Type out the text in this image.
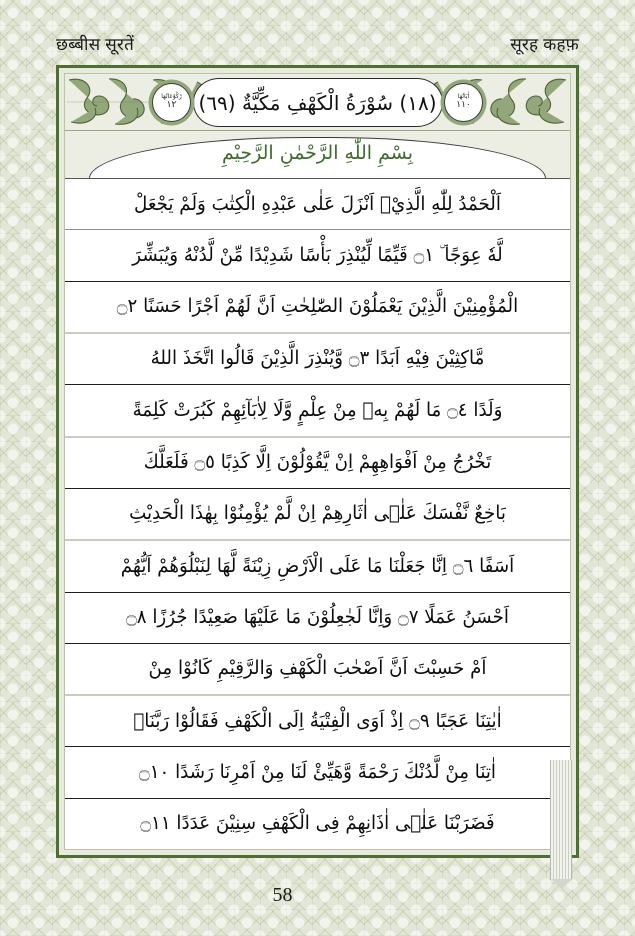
छब्बीस सूरतें	सूरह कहफ़
رُكُوْعَاتُهَا
١٢ (١٨) سُوْرَةُ الْكَهْفِ مَكِّيَّةٌ (٦٩)	اٰيَاتُهَا
١١٠
بِسْمِ اللّٰهِ الرَّحْمٰنِ الرَّحِيْمِ
اَلْحَمْدُ لِلّٰهِ الَّذِيْۤ اَنْزَلَ عَلٰى عَبْدِهِ الْكِتٰبَ وَلَمْ يَجْعَلْ
لَّهٗ عِوَجًا ۜ ۝١ قَيِّمًا لِّيُنْذِرَ بَأْسًا شَدِيْدًا مِّنْ لَّدُنْهُ وَيُبَشِّرَ
الْمُؤْمِنِيْنَ الَّذِيْنَ يَعْمَلُوْنَ الصّٰلِحٰتِ اَنَّ لَهُمْ اَجْرًا حَسَنًا ۝٢
مَّاكِثِيْنَ فِيْهِ اَبَدًا ۝٣ وَّيُنْذِرَ الَّذِيْنَ قَالُوا اتَّخَذَ اللهُ
وَلَدًا ۝٤ مَا لَهُمْ بِهٖ مِنْ عِلْمٍ وَّلَا لِاٰبَآئِهِمْ كَبُرَتْ كَلِمَةً
تَخْرُجُ مِنْ اَفْوَاهِهِمْ اِنْ يَّقُوْلُوْنَ اِلَّا كَذِبًا ۝٥ فَلَعَلَّكَ
بَاخِعٌ نَّفْسَكَ عَلٰۤى اٰثَارِهِمْ اِنْ لَّمْ يُؤْمِنُوْا بِهٰذَا الْحَدِيْثِ
اَسَفًا ۝٦ اِنَّا جَعَلْنَا مَا عَلَى الْاَرْضِ زِيْنَةً لَّهَا لِنَبْلُوَهُمْ اَيُّهُمْ
اَحْسَنُ عَمَلًا ۝٧ وَاِنَّا لَجٰعِلُوْنَ مَا عَلَيْهَا صَعِيْدًا جُرُزًا ۝٨
اَمْ حَسِبْتَ اَنَّ اَصْحٰبَ الْكَهْفِ وَالرَّقِيْمِ كَانُوْا مِنْ
اٰيٰتِنَا عَجَبًا ۝٩ اِذْ اَوَى الْفِتْيَةُ اِلَى الْكَهْفِ فَقَالُوْا رَبَّنَاۤ
اٰتِنَا مِنْ لَّدُنْكَ رَحْمَةً وَّهَيِّئْ لَنَا مِنْ اَمْرِنَا رَشَدًا ۝١٠
فَضَرَبْنَا عَلٰۤى اٰذَانِهِمْ فِى الْكَهْفِ سِنِيْنَ عَدَدًا ۝١١
58
